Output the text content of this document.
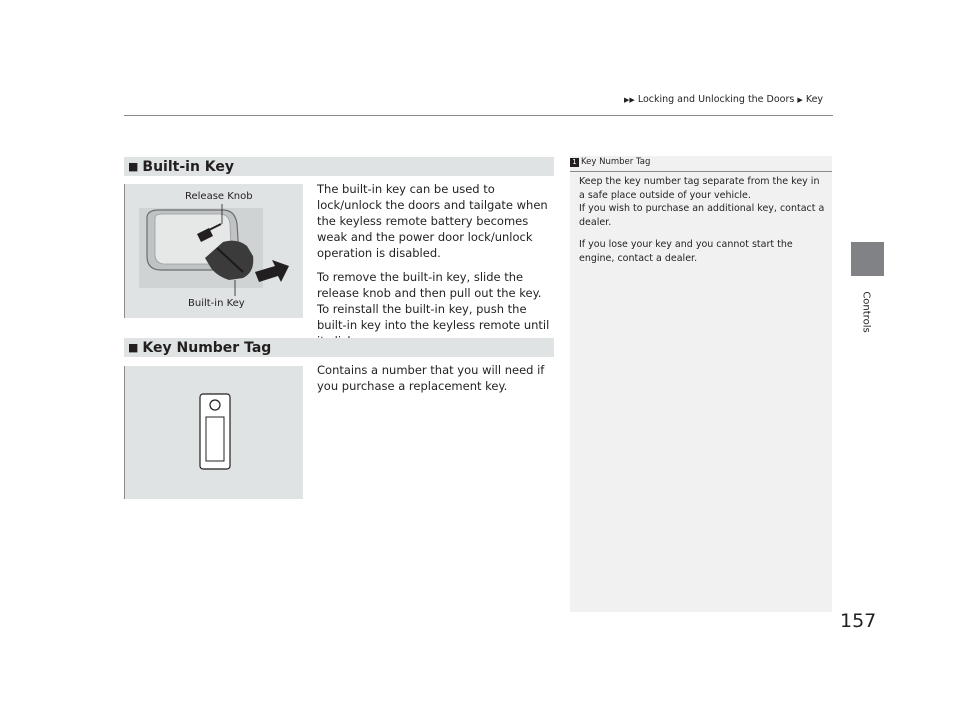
▶▶ Locking and Unlocking the Doors ▶ Key
Controls
■ Built-in Key
Release Knob
Built-in Key

The built-in key can be used to lock/unlock the doors and tailgate when the keyless remote battery becomes weak and the power door lock/unlock operation is disabled.

To remove the built-in key, slide the release knob and then pull out the key. To reinstall the built-in key, push the built-in key into the keyless remote until

■ Key Number Tag

Contains a number that you will need if you purchase a replacement key.

1 Key Number Tag

Keep the key number tag separate from the key in a safe place outside of your vehicle.
If you wish to purchase an additional key, contact a dealer.

If you lose your key and you cannot start the engine, contact a dealer.

157
